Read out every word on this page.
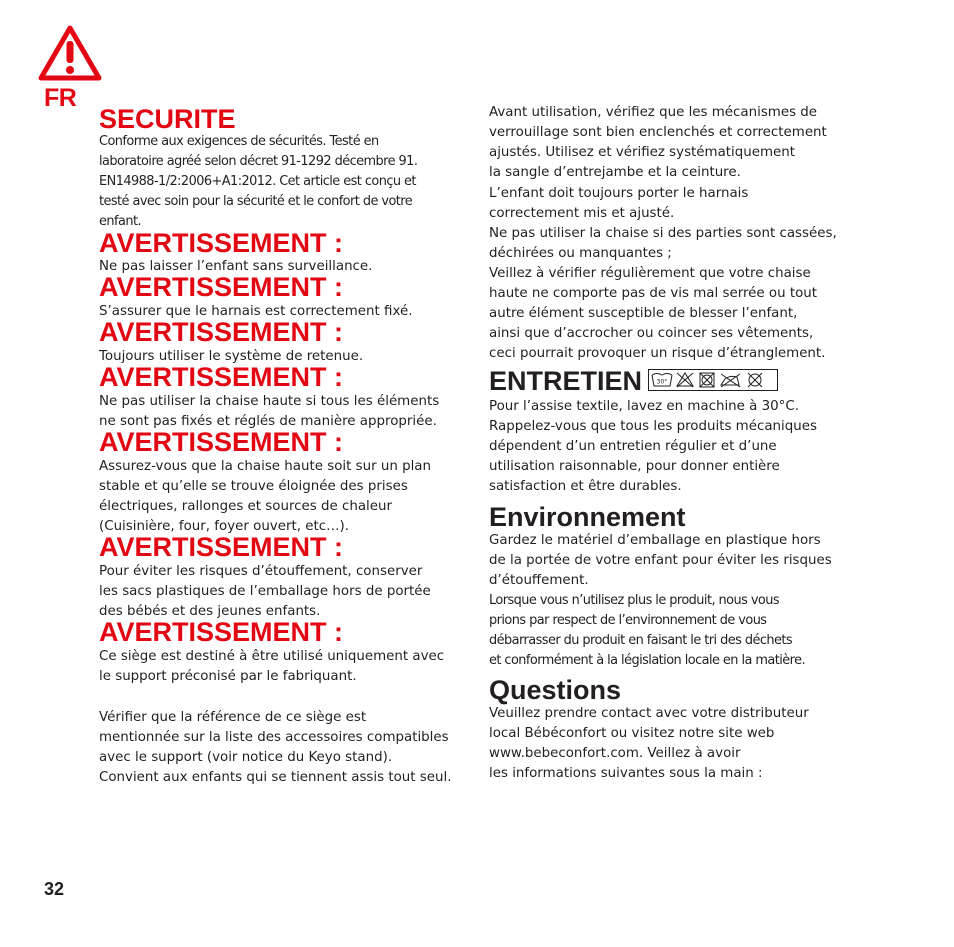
FR
SECURITE
Conforme aux exigences de sécurités. Testé en
laboratoire agréé selon décret 91-1292 décembre 91.
EN14988-1/2:2006+A1:2012. Cet article est conçu et
testé avec soin pour la sécurité et le confort de votre
enfant.
AVERTISSEMENT :
Ne pas laisser l’enfant sans surveillance.
AVERTISSEMENT :
S’assurer que le harnais est correctement fixé.
AVERTISSEMENT :
Toujours utiliser le système de retenue.
AVERTISSEMENT :
Ne pas utiliser la chaise haute si tous les éléments
ne sont pas fixés et réglés de manière appropriée.
AVERTISSEMENT :
Assurez-vous que la chaise haute soit sur un plan
stable et qu’elle se trouve éloignée des prises
électriques, rallonges et sources de chaleur
(Cuisinière, four, foyer ouvert, etc…).
AVERTISSEMENT :
Pour éviter les risques d’étouffement, conserver
les sacs plastiques de l’emballage hors de portée
des bébés et des jeunes enfants.
AVERTISSEMENT :
Ce siège est destiné à être utilisé uniquement avec
le support préconisé par le fabriquant.
Vérifier que la référence de ce siège est
mentionnée sur la liste des accessoires compatibles
avec le support (voir notice du Keyo stand).
Convient aux enfants qui se tiennent assis tout seul.
Avant utilisation, vérifiez que les mécanismes de
verrouillage sont bien enclenchés et correctement
ajustés. Utilisez et vérifiez systématiquement
la sangle d’entrejambe et la ceinture.
L’enfant doit toujours porter le harnais
correctement mis et ajusté.
Ne pas utiliser la chaise si des parties sont cassées,
déchirées ou manquantes ;
Veillez à vérifier régulièrement que votre chaise
haute ne comporte pas de vis mal serrée ou tout
autre élément susceptible de blesser l’enfant,
ainsi que d’accrocher ou coincer ses vêtements,
ceci pourrait provoquer un risque d’étranglement.
ENTRETIEN 30°
Pour l’assise textile, lavez en machine à 30°C.
Rappelez-vous que tous les produits mécaniques
dépendent d’un entretien régulier et d’une
utilisation raisonnable, pour donner entière
satisfaction et être durables.
Environnement
Gardez le matériel d’emballage en plastique hors
de la portée de votre enfant pour éviter les risques
d’étouffement.
Lorsque vous n’utilisez plus le produit, nous vous
prions par respect de l’environnement de vous
débarrasser du produit en faisant le tri des déchets
et conformément à la législation locale en la matière.
Questions
Veuillez prendre contact avec votre distributeur
local Bébéconfort ou visitez notre site web
www.bebeconfort.com. Veillez à avoir
les informations suivantes sous la main :
32
